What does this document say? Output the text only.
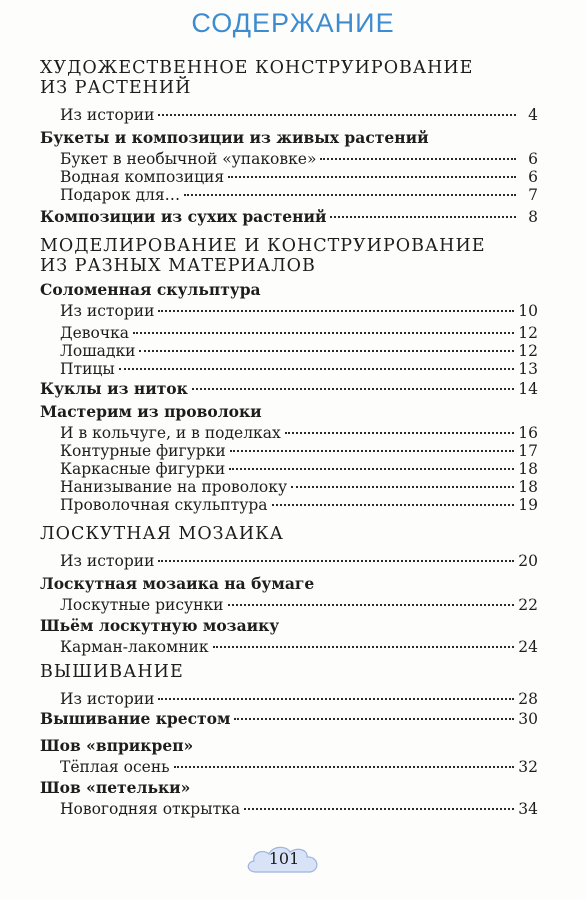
СОДЕРЖАНИЕ
ХУДОЖЕСТВЕННОЕ КОНСТРУИРОВАНИЕ
ИЗ РАСТЕНИЙ
Из истории	4
Букеты и композиции из живых растений
Букет в необычной «упаковке»	6
Водная композиция	6
Подарок для…	7
Композиции из сухих растений	8
МОДЕЛИРОВАНИЕ И КОНСТРУИРОВАНИЕ
ИЗ РАЗНЫХ МАТЕРИАЛОВ
Соломенная скульптура
Из истории	10
Девочка	12
Лошадки	12
Птицы	13
Куклы из ниток	14
Мастерим из проволоки
И в кольчуге, и в поделках	16
Контурные фигурки	17
Каркасные фигурки	18
Нанизывание на проволоку	18
Проволочная скульптура	19
ЛОСКУТНАЯ МОЗАИКА
Из истории	20
Лоскутная мозаика на бумаге
Лоскутные рисунки	22
Шьём лоскутную мозаику
Карман-лакомник	24
ВЫШИВАНИЕ
Из истории	28
Вышивание крестом	30
Шов «вприкреп»
Тёплая осень	32
Шов «петельки»
Новогодняя открытка	34
101
